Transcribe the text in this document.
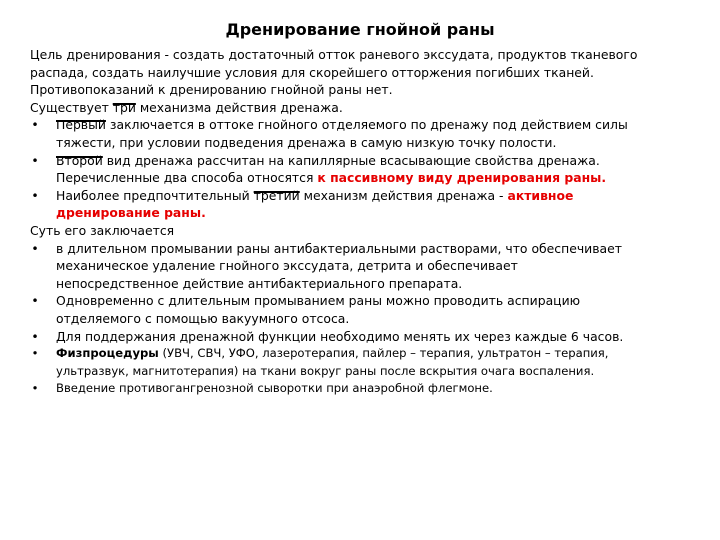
Дренирование гнойной раны

Цель дренирования - создать достаточный отток раневого экссудата, продуктов тканевого

распада, создать наилучшие условия для скорейшего отторжения погибших тканей.

Противопоказаний к дренированию гнойной раны нет.

Существует три механизма действия дренажа.

• Первый заключается в оттоке гнойного отделяемого по дренажу под действием силы
тяжести, при условии подведения дренажа в самую низкую точку полости.
• Второй вид дренажа рассчитан на капиллярные всасывающие свойства дренажа.
Перечисленные два способа относятся к пассивному виду дренирования раны.
• Наиболее предпочтительный третий механизм действия дренажа - активное
дренирование раны.

Суть его заключается

• в длительном промывании раны антибактериальными растворами, что обеспечивает
механическое удаление гнойного экссудата, детрита и обеспечивает
непосредственное действие антибактериального препарата.
• Одновременно с длительным промыванием раны можно проводить аспирацию
отделяемого с помощью вакуумного отсоса.
• Для поддержания дренажной функции необходимо менять их через каждые 6 часов.
• Физпроцедуры (УВЧ, СВЧ, УФО, лазеротерапия, пайлер – терапия, ультратон – терапия,
ультразвук, магнитотерапия) на ткани вокруг раны после вскрытия очага воспаления.
• Введение противогангренозной сыворотки при анаэробной флегмоне.
